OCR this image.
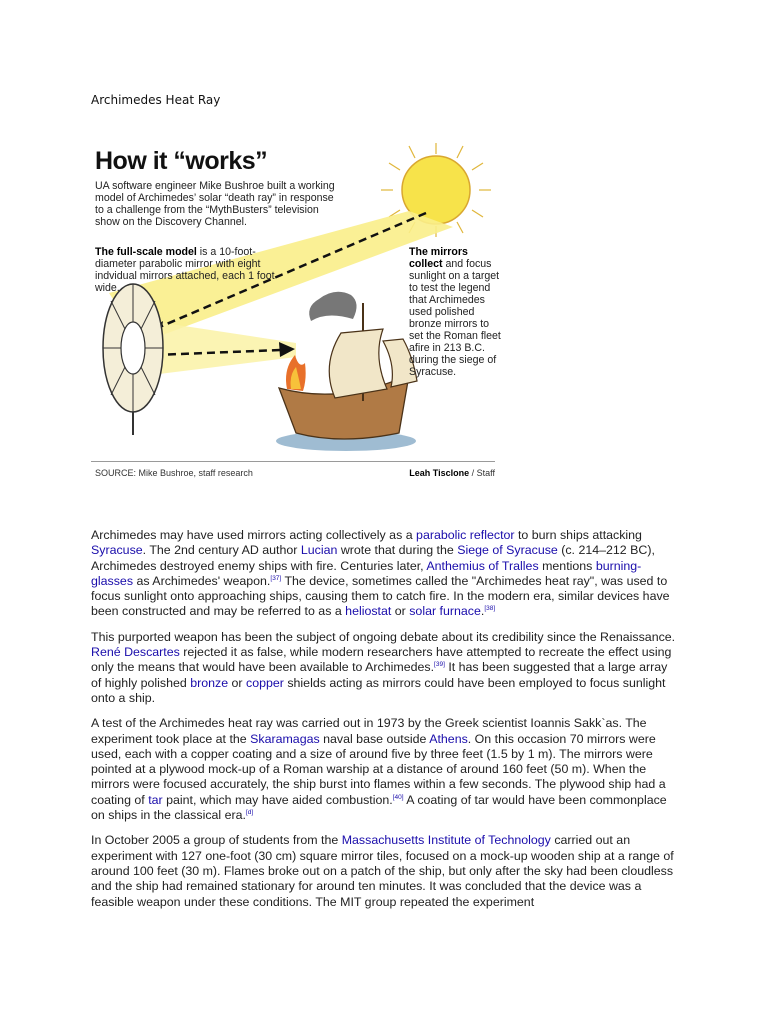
Archimedes Heat Ray
How it “works”
UA software engineer Mike Bushroe built a working model of Archimedes’ solar “death ray” in response to a challenge from the “MythBusters” television show on the Discovery Channel.
The full-scale model is a 10-foot-diameter parabolic mirror with eight indvidual mirrors attached, each 1 foot wide.
The mirrors collect and focus sunlight on a target to test the legend that Archimedes used polished bronze mirrors to set the Roman fleet afire in 213 B.C. during the siege of Syracuse.
SOURCE: Mike Bushroe, staff research	Leah Tisclone / Staff

Archimedes may have used mirrors acting collectively as a parabolic reflector to burn ships attacking Syracuse. The 2nd century AD author Lucian wrote that during the Siege of Syracuse (c. 214–212 BC), Archimedes destroyed enemy ships with fire. Centuries later, Anthemius of Tralles mentions burning-glasses as Archimedes' weapon.[37] The device, sometimes called the "Archimedes heat ray", was used to focus sunlight onto approaching ships, causing them to catch fire. In the modern era, similar devices have been constructed and may be referred to as a heliostat or solar furnace.[38]

This purported weapon has been the subject of ongoing debate about its credibility since the Renaissance. René Descartes rejected it as false, while modern researchers have attempted to recreate the effect using only the means that would have been available to Archimedes.[39] It has been suggested that a large array of highly polished bronze or copper shields acting as mirrors could have been employed to focus sunlight onto a ship.

A test of the Archimedes heat ray was carried out in 1973 by the Greek scientist Ioannis Sakk`as. The experiment took place at the Skaramagas naval base outside Athens. On this occasion 70 mirrors were used, each with a copper coating and a size of around five by three feet (1.5 by 1 m). The mirrors were pointed at a plywood mock-up of a Roman warship at a distance of around 160 feet (50 m). When the mirrors were focused accurately, the ship burst into flames within a few seconds. The plywood ship had a coating of tar paint, which may have aided combustion.[40] A coating of tar would have been commonplace on ships in the classical era.[d]

In October 2005 a group of students from the Massachusetts Institute of Technology carried out an experiment with 127 one-foot (30 cm) square mirror tiles, focused on a mock-up wooden ship at a range of around 100 feet (30 m). Flames broke out on a patch of the ship, but only after the sky had been cloudless and the ship had remained stationary for around ten minutes. It was concluded that the device was a feasible weapon under these conditions. The MIT group repeated the experiment
